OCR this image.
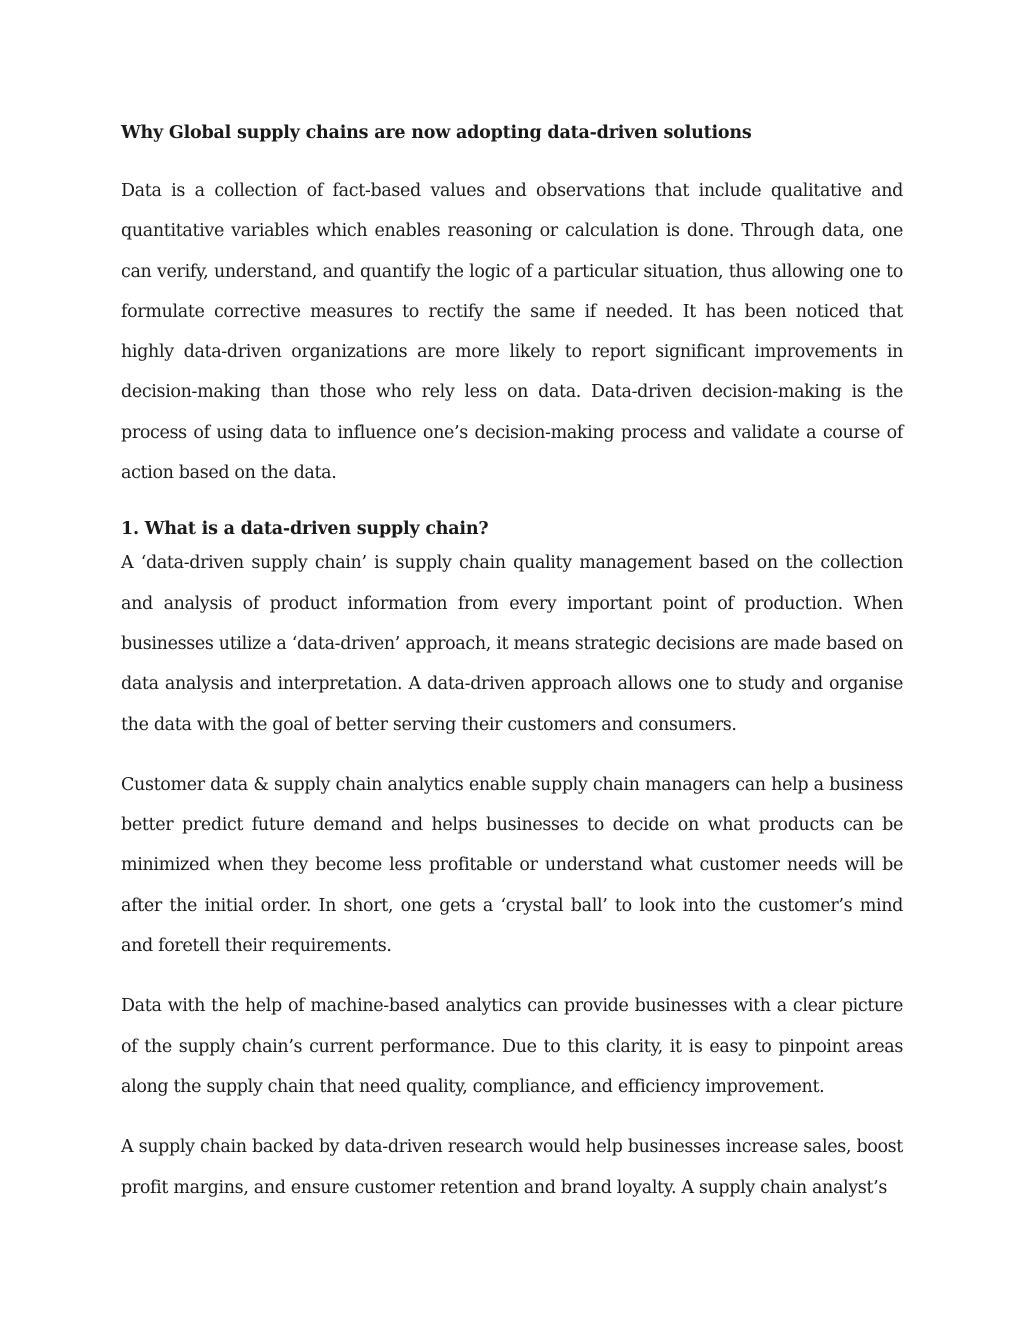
Why Global supply chains are now adopting data-driven solutions

Data is a collection of fact-based values and observations that include qualitative and quantitative variables which enables reasoning or calculation is done. Through data, one can verify, understand, and quantify the logic of a particular situation, thus allowing one to formulate corrective measures to rectify the same if needed. It has been noticed that highly data-driven organizations are more likely to report significant improvements in decision-making than those who rely less on data. Data-driven decision-making is the process of using data to influence one’s decision-making process and validate a course of action based on the data.

1. What is a data-driven supply chain?

A ‘data-driven supply chain’ is supply chain quality management based on the collection and analysis of product information from every important point of production. When businesses utilize a ‘data-driven’ approach, it means strategic decisions are made based on data analysis and interpretation. A data-driven approach allows one to study and organise the data with the goal of better serving their customers and consumers.

Customer data & supply chain analytics enable supply chain managers can help a business better predict future demand and helps businesses to decide on what products can be minimized when they become less profitable or understand what customer needs will be after the initial order. In short, one gets a ‘crystal ball’ to look into the customer’s mind and foretell their requirements.

Data with the help of machine-based analytics can provide businesses with a clear picture of the supply chain’s current performance. Due to this clarity, it is easy to pinpoint areas along the supply chain that need quality, compliance, and efficiency improvement.

A supply chain backed by data-driven research would help businesses increase sales, boost profit margins, and ensure customer retention and brand loyalty. A supply chain analyst’s
